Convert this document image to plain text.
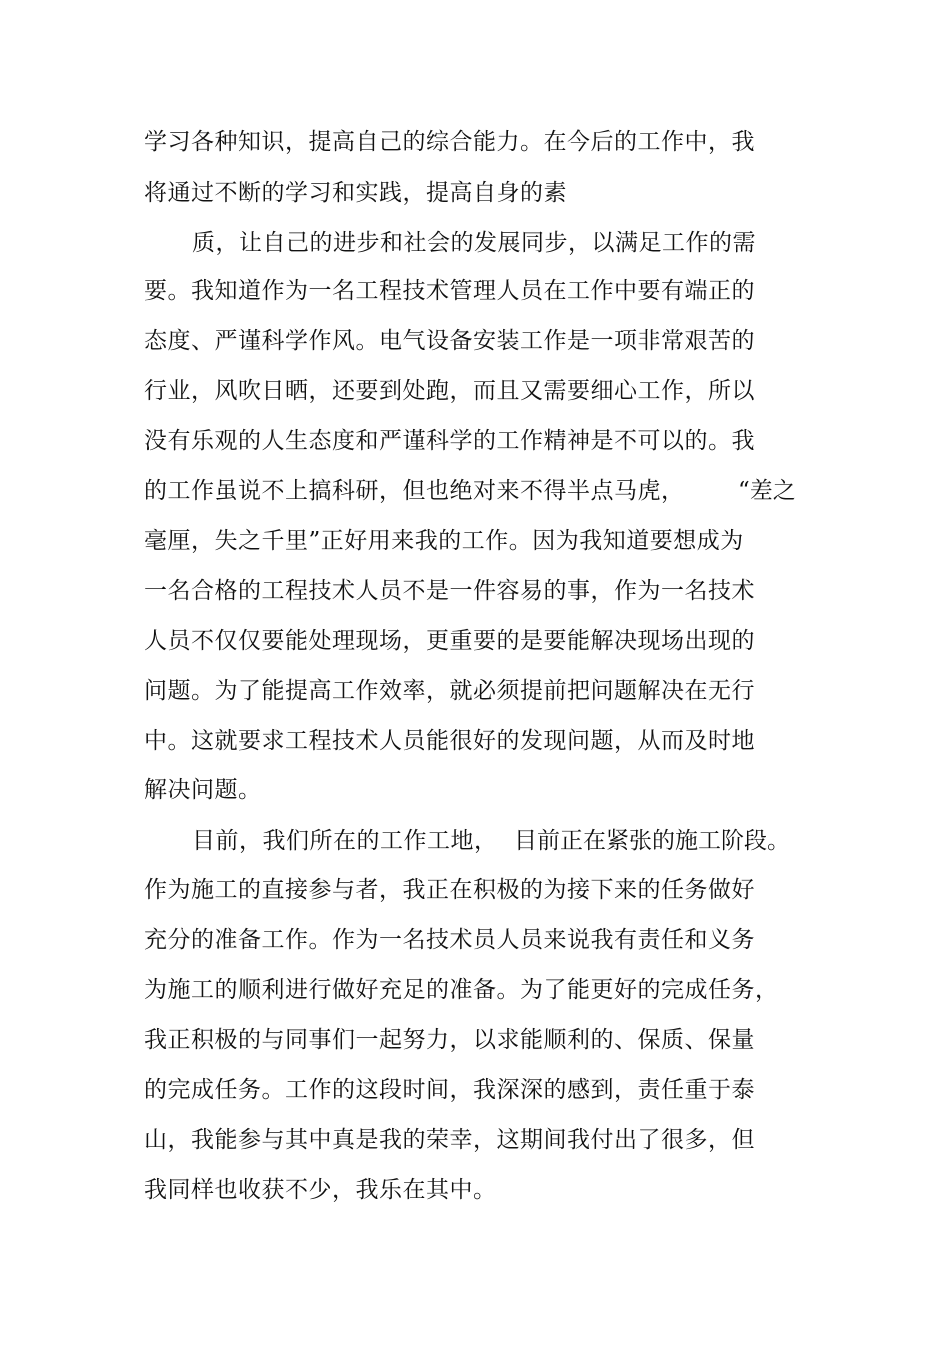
学习各种知识，提高自己的综合能力。在今后的工作中，我
将通过不断的学习和实践，提高自身的素
质，让自己的进步和社会的发展同步，以满足工作的需
要。我知道作为一名工程技术管理人员在工作中要有端正的
态度、严谨科学作风。电气设备安装工作是一项非常艰苦的
行业，风吹日晒，还要到处跑，而且又需要细心工作，所以
没有乐观的人生态度和严谨科学的工作精神是不可以的。我
的工作虽说不上搞科研，但也绝对来不得半点马虎， “差之
毫厘，失之千里”正好用来我的工作。因为我知道要想成为
一名合格的工程技术人员不是一件容易的事，作为一名技术
人员不仅仅要能处理现场，更重要的是要能解决现场出现的
问题。为了能提高工作效率，就必须提前把问题解决在无行
中。这就要求工程技术人员能很好的发现问题，从而及时地
解决问题。
目前，我们所在的工作工地， 目前正在紧张的施工阶段。
作为施工的直接参与者，我正在积极的为接下来的任务做好
充分的准备工作。作为一名技术员人员来说我有责任和义务
为施工的顺利进行做好充足的准备。为了能更好的完成任务，
我正积极的与同事们一起努力，以求能顺利的、保质、保量
的完成任务。工作的这段时间，我深深的感到，责任重于泰
山，我能参与其中真是我的荣幸，这期间我付出了很多，但
我同样也收获不少，我乐在其中。
